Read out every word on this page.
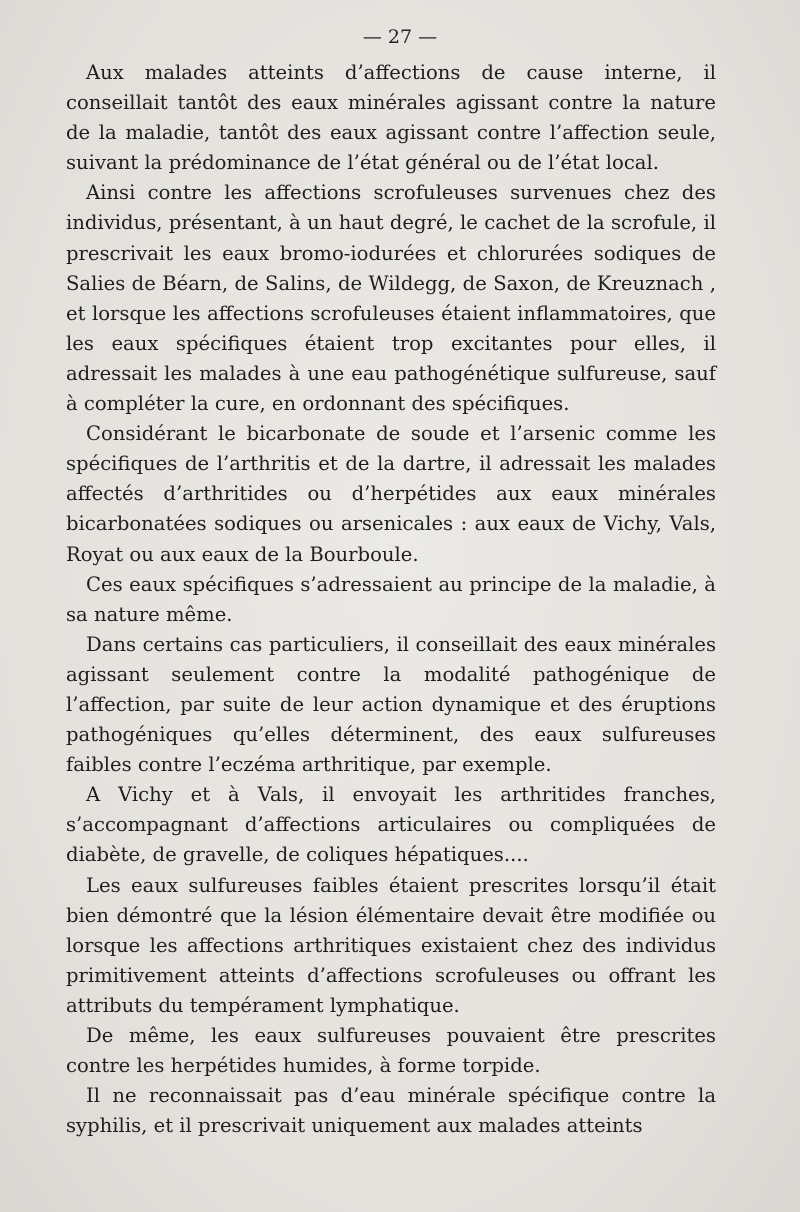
— 27 —

Aux malades atteints d’affections de cause interne, il conseillait tantôt des eaux minérales agissant contre la nature de la maladie, tantôt des eaux agissant contre l’affection seule, suivant la prédominance de l’état général ou de l’état local.

Ainsi contre les affections scrofuleuses survenues chez des individus, présentant, à un haut degré, le cachet de la scrofule, il prescrivait les eaux bromo-iodurées et chlorurées sodiques de Salies de Béarn, de Salins, de Wildegg, de Saxon, de Kreuznach , et lorsque les affections scrofuleuses étaient inflammatoires, que les eaux spécifiques étaient trop excitantes pour elles, il adressait les malades à une eau pathogénétique sulfureuse, sauf à compléter la cure, en ordonnant des spécifiques.

Considérant le bicarbonate de soude et l’arsenic comme les spécifiques de l’arthritis et de la dartre, il adressait les malades affectés d’arthritides ou d’herpétides aux eaux minérales bicarbonatées sodiques ou arsenicales : aux eaux de Vichy, Vals, Royat ou aux eaux de la Bourboule.

Ces eaux spécifiques s’adressaient au principe de la maladie, à sa nature même.

Dans certains cas particuliers, il conseillait des eaux minérales agissant seulement contre la modalité pathogénique de l’affection, par suite de leur action dynamique et des éruptions pathogéniques qu’elles déterminent, des eaux sulfureuses faibles contre l’eczéma arthritique, par exemple.

A Vichy et à Vals, il envoyait les arthritides franches, s’accompagnant d’affections articulaires ou compliquées de diabète, de gravelle, de coliques hépatiques....

Les eaux sulfureuses faibles étaient prescrites lorsqu’il était bien démontré que la lésion élémentaire devait être modifiée ou lorsque les affections arthritiques existaient chez des individus primitivement atteints d’affections scrofuleuses ou offrant les attributs du tempérament lymphatique.

De même, les eaux sulfureuses pouvaient être prescrites contre les herpétides humides, à forme torpide.

Il ne reconnaissait pas d’eau minérale spécifique contre la syphilis, et il prescrivait uniquement aux malades atteints
